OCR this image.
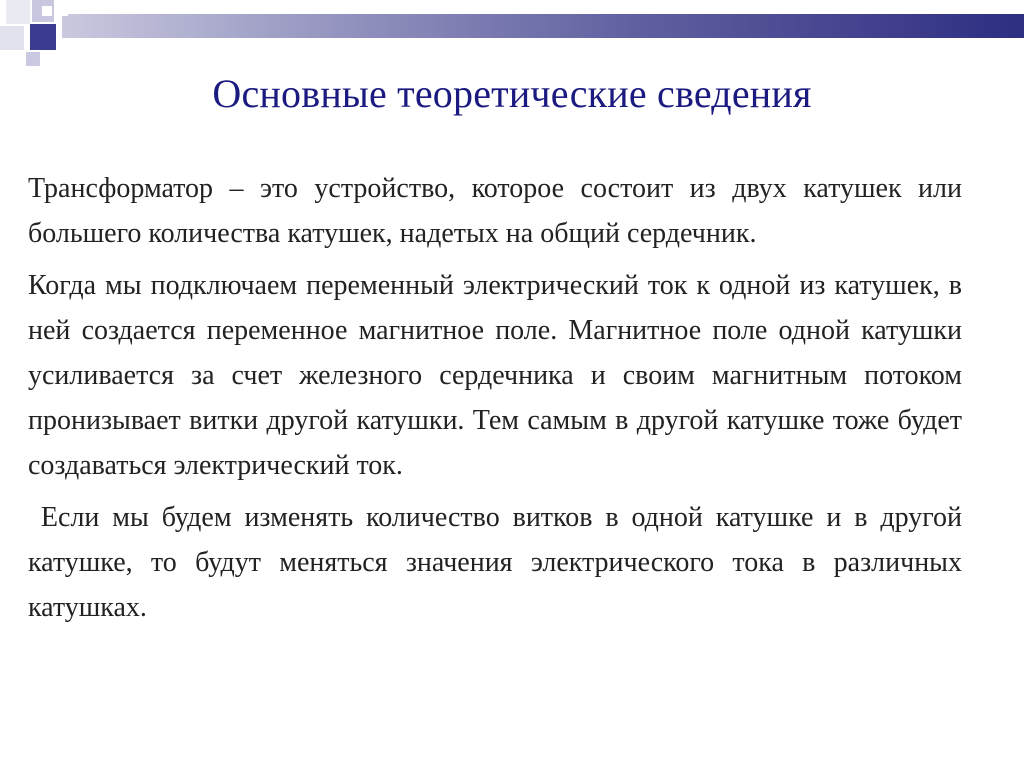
Основные теоретические сведения

Трансформатор – это устройство, которое состоит из двух катушек или большего количества катушек, надетых на общий сердечник.

Когда мы подключаем переменный электрический ток к одной из катушек, в ней создается переменное магнитное поле. Магнитное поле одной катушки усиливается за счет железного сердечника и своим магнитным потоком пронизывает витки другой катушки. Тем самым в другой катушке тоже будет создаваться электрический ток.

Если мы будем изменять количество витков в одной катушке и в другой катушке, то будут меняться значения электрического тока в различных катушках.
